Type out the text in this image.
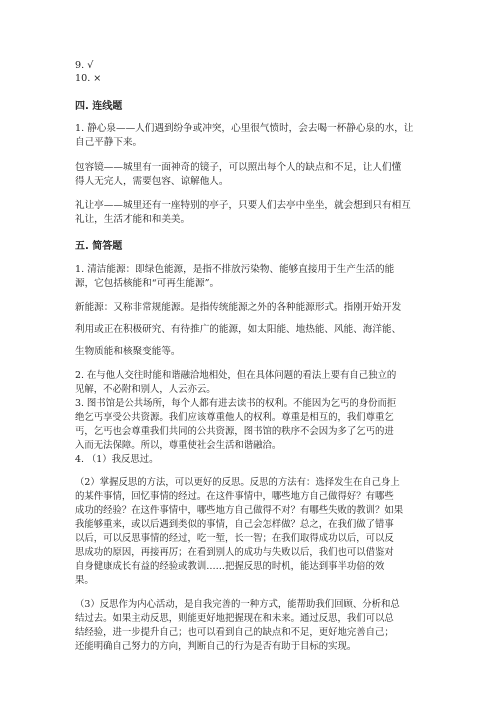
9. √
10. ×
四. 连线题
1. 静心泉——人们遇到纷争或冲突，心里很气愤时，会去喝一杯静心泉的水，让
自己平静下来。
包容镜——城里有一面神奇的镜子，可以照出每个人的缺点和不足，让人们懂
得人无完人，需要包容、谅解他人。
礼让亭——城里还有一座特别的亭子，只要人们去亭中坐坐，就会想到只有相互
礼让，生活才能和和美美。
五. 简答题
1. 清洁能源：即绿色能源，是指不排放污染物、能够直接用于生产生活的能
源，它包括核能和“可再生能源”。
新能源：又称非常规能源。是指传统能源之外的各种能源形式。指刚开始开发
利用或正在积极研究、有待推广的能源，如太阳能、地热能、风能、海洋能、
生物质能和核聚变能等。
2. 在与他人交往时能和谐融洽地相处，但在具体问题的看法上要有自己独立的
见解，不必附和别人，人云亦云。
3. 图书馆是公共场所，每个人都有进去读书的权利。不能因为乞丐的身份而拒
绝乞丐享受公共资源。我们应该尊重他人的权利。尊重是相互的，我们尊重乞
丐，乞丐也会尊重我们共同的公共资源，图书馆的秩序不会因为多了乞丐的进
入而无法保障。所以，尊重使社会生活和谐融洽。
4. （1）我反思过。
（2）掌握反思的方法，可以更好的反思。反思的方法有：选择发生在自己身上
的某件事情，回忆事情的经过。在这件事情中，哪些地方自己做得好？有哪些
成功的经验？在这件事情中，哪些地方自己做得不对？有哪些失败的教训？如果
我能够重来，或以后遇到类似的事情，自己会怎样做？总之，在我们做了错事
以后，可以反思事情的经过，吃一堑，长一智；在我们取得成功以后，可以反
思成功的原因，再接再厉；在看到别人的成功与失败以后，我们也可以借鉴对
自身健康成长有益的经验或教训……把握反思的时机，能达到事半功倍的效
果。
（3）反思作为内心活动，是自我完善的一种方式，能帮助我们回顾、分析和总
结过去。如果主动反思，则能更好地把握现在和未来。通过反思，我们可以总
结经验，进一步提升自己；也可以看到自己的缺点和不足，更好地完善自己；
还能明确自己努力的方向，判断自己的行为是否有助于目标的实现。
